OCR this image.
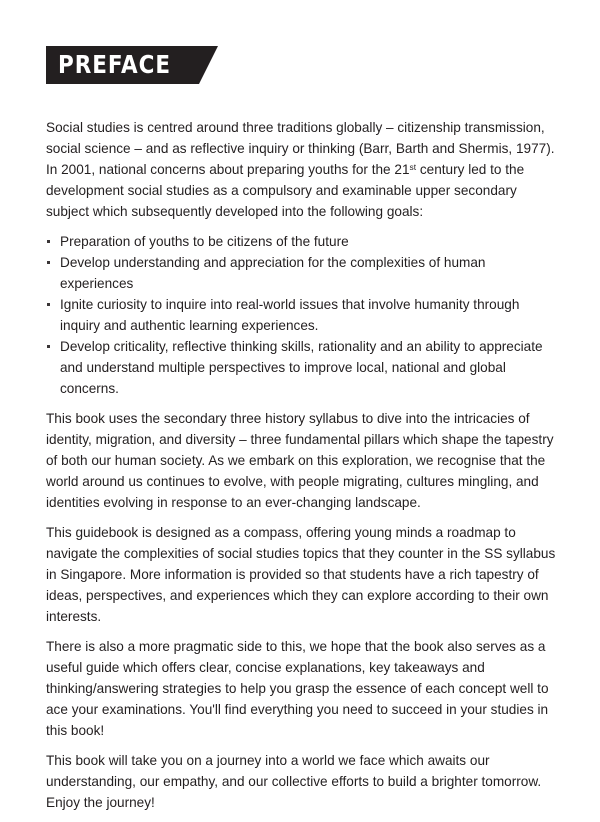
PREFACE

Social studies is centred around three traditions globally – citizenship transmission, social science – and as reflective inquiry or thinking (Barr, Barth and Shermis, 1977). In 2001, national concerns about preparing youths for the 21st century led to the development social studies as a compulsory and examinable upper secondary subject which subsequently developed into the following goals:

Preparation of youths to be citizens of the future
Develop understanding and appreciation for the complexities of human experiences
Ignite curiosity to inquire into real-world issues that involve humanity through inquiry and authentic learning experiences.
Develop criticality, reflective thinking skills, rationality and an ability to appreciate and understand multiple perspectives to improve local, national and global concerns.

This book uses the secondary three history syllabus to dive into the intricacies of identity, migration, and diversity – three fundamental pillars which shape the tapestry of both our human society. As we embark on this exploration, we recognise that the world around us continues to evolve, with people migrating, cultures mingling, and identities evolving in response to an ever-changing landscape.

This guidebook is designed as a compass, offering young minds a roadmap to navigate the complexities of social studies topics that they counter in the SS syllabus in Singapore. More information is provided so that students have a rich tapestry of ideas, perspectives, and experiences which they can explore according to their own interests.

There is also a more pragmatic side to this, we hope that the book also serves as a useful guide which offers clear, concise explanations, key takeaways and thinking/answering strategies to help you grasp the essence of each concept well to ace your examinations. You'll find everything you need to succeed in your studies in this book!

This book will take you on a journey into a world we face which awaits our understanding, our empathy, and our collective efforts to build a brighter tomorrow. Enjoy the journey!
